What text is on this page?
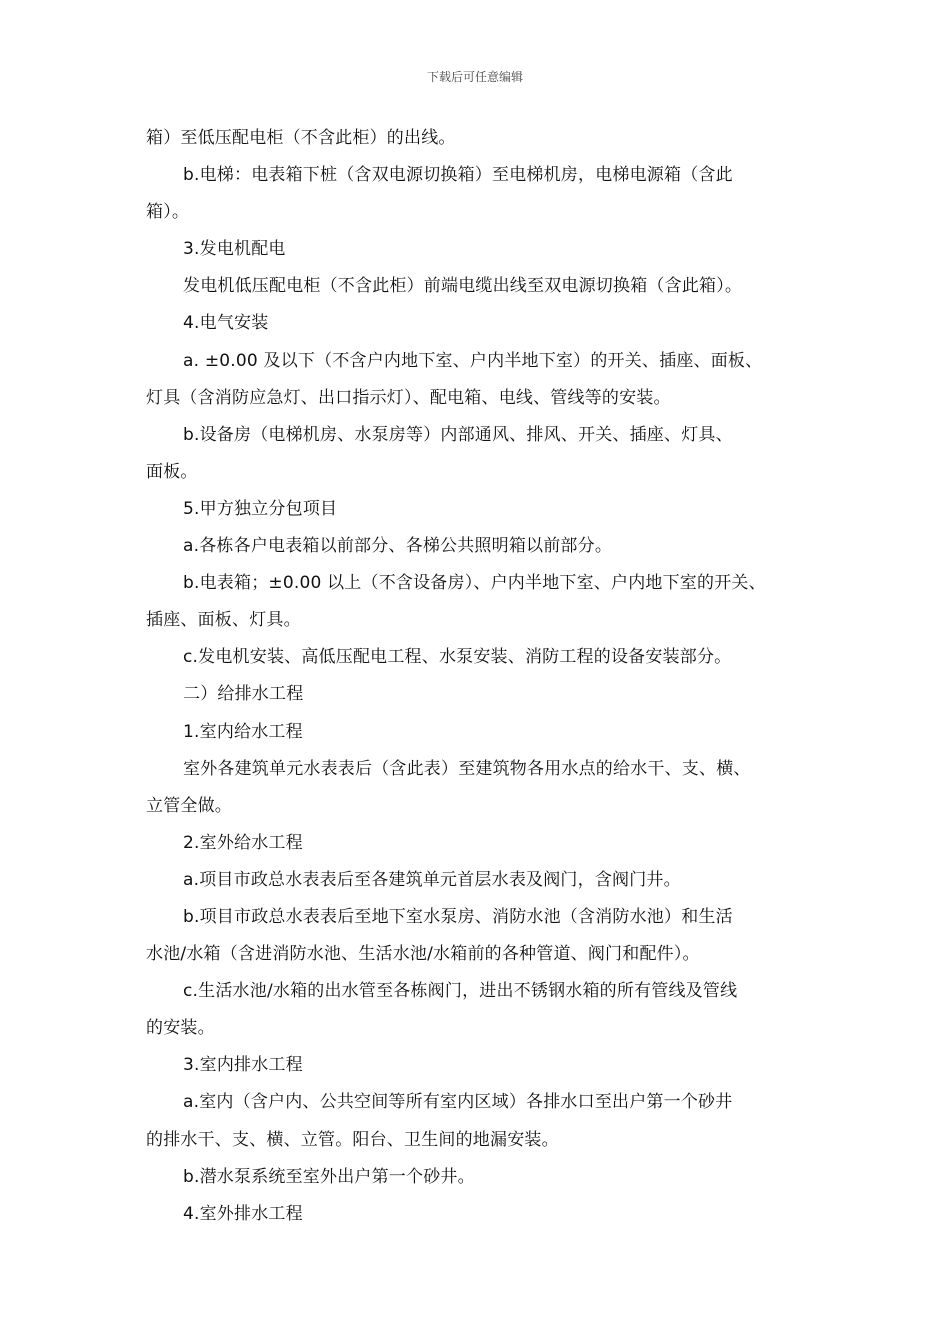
下载后可任意编辑
箱）至低压配电柜（不含此柜）的出线。
b.电梯：电表箱下桩（含双电源切换箱）至电梯机房，电梯电源箱（含此
箱）。
3.发电机配电
发电机低压配电柜（不含此柜）前端电缆出线至双电源切换箱（含此箱）。
4.电气安装
a. ±0.00 及以下（不含户内地下室、户内半地下室）的开关、插座、面板、
灯具（含消防应急灯、出口指示灯）、配电箱、电线、管线等的安装。
b.设备房（电梯机房、水泵房等）内部通风、排风、开关、插座、灯具、
面板。
5.甲方独立分包项目
a.各栋各户电表箱以前部分、各梯公共照明箱以前部分。
b.电表箱；±0.00 以上（不含设备房）、户内半地下室、户内地下室的开关、
插座、面板、灯具。
c.发电机安装、高低压配电工程、水泵安装、消防工程的设备安装部分。
二）给排水工程
1.室内给水工程
室外各建筑单元水表表后（含此表）至建筑物各用水点的给水干、支、横、
立管全做。
2.室外给水工程
a.项目市政总水表表后至各建筑单元首层水表及阀门，含阀门井。
b.项目市政总水表表后至地下室水泵房、消防水池（含消防水池）和生活
水池/水箱（含进消防水池、生活水池/水箱前的各种管道、阀门和配件）。
c.生活水池/水箱的出水管至各栋阀门，进出不锈钢水箱的所有管线及管线
的安装。
3.室内排水工程
a.室内（含户内、公共空间等所有室内区域）各排水口至出户第一个砂井
的排水干、支、横、立管。阳台、卫生间的地漏安装。
b.潜水泵系统至室外出户第一个砂井。
4.室外排水工程
